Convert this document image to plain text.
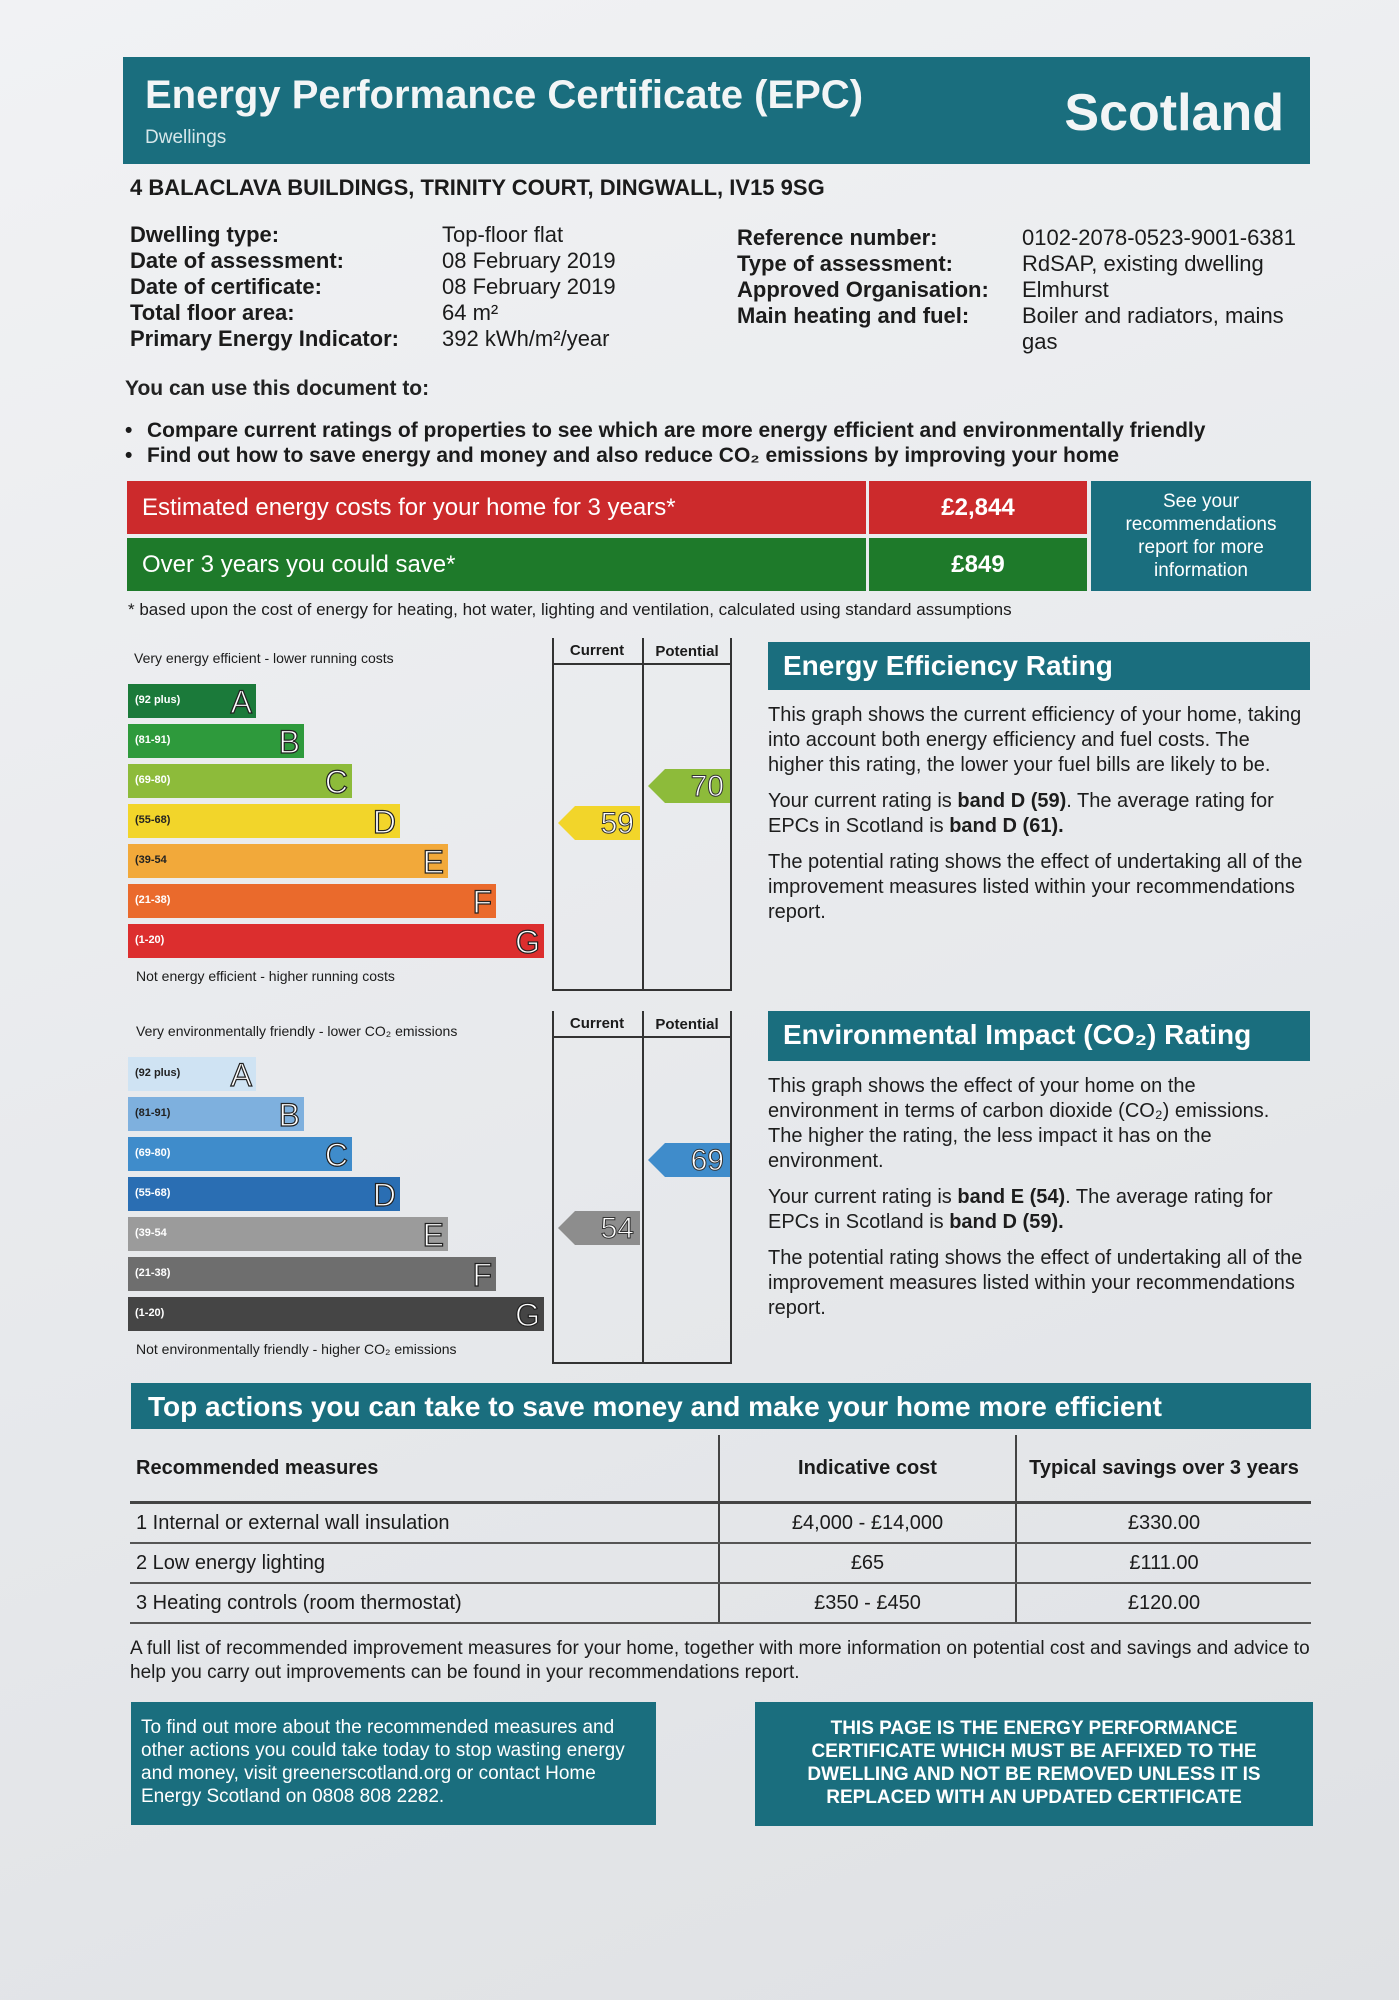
Energy Performance Certificate (EPC)
Dwellings	Scotland
4 BALACLAVA BUILDINGS, TRINITY COURT, DINGWALL, IV15 9SG
Dwelling type:	Top-floor flat
Date of assessment:	08 February 2019
Date of certificate:	08 February 2019
Total floor area:	64 m²
Primary Energy Indicator: 392 kWh/m²/year
Reference number:	0102-2078-0523-9001-6381
Type of assessment:	RdSAP, existing dwelling
Approved Organisation: Elmhurst
Main heating and fuel: Boiler and radiators, mains
gas
You can use this document to:
• Compare current ratings of properties to see which are more energy efficient and environmentally friendly
• Find out how to save energy and money and also reduce CO₂ emissions by improving your home
Estimated energy costs for your home for 3 years*	£2,844
Over 3 years you could save*	£849
See your recommendations report for more information
* based upon the cost of energy for heating, hot water, lighting and ventilation, calculated using standard assumptions
Very energy efficient - lower running costs
Not energy efficient - higher running costs
Current	Potential
(92 plus) A
(81-91)	B
(69-80)	C
(55-68)	D
(39-54	E
(21-38)	F
(1-20)	G
59
70
Very environmentally friendly - lower CO₂ emissions
Not environmentally friendly - higher CO₂ emissions
Current	Potential
(92 plus) A
(81-91)	B
(69-80)	C
(55-68)	D
(39-54	E
(21-38)	F
(1-20)	G
54
69
Energy Efficiency Rating
This graph shows the current efficiency of your home, taking into account both energy efficiency and fuel costs. The higher this rating, the lower your fuel bills are likely to be.
Your current rating is band D (59). The average rating for EPCs in Scotland is band D (61).
The potential rating shows the effect of undertaking all of the improvement measures listed within your recommendations report.
Environmental Impact (CO₂) Rating
This graph shows the effect of your home on the environment in terms of carbon dioxide (CO₂) emissions. The higher the rating, the less impact it has on the environment.
Your current rating is band E (54). The average rating for EPCs in Scotland is band D (59).
The potential rating shows the effect of undertaking all of the improvement measures listed within your recommendations report.
Top actions you can take to save money and make your home more efficient
Recommended measures	Indicative cost	Typical savings over 3 years
1 Internal or external wall insulation	£4,000 - £14,000	£330.00
2 Low energy lighting	£65	£111.00
3 Heating controls (room thermostat)	£350 - £450	£120.00
A full list of recommended improvement measures for your home, together with more information on potential cost and savings and advice to help you carry out improvements can be found in your recommendations report.
To find out more about the recommended measures and other actions you could take today to stop wasting energy and money, visit greenerscotland.org or contact Home Energy Scotland on 0808 808 2282.
THIS PAGE IS THE ENERGY PERFORMANCE CERTIFICATE WHICH MUST BE AFFIXED TO THE DWELLING AND NOT BE REMOVED UNLESS IT IS REPLACED WITH AN UPDATED CERTIFICATE
